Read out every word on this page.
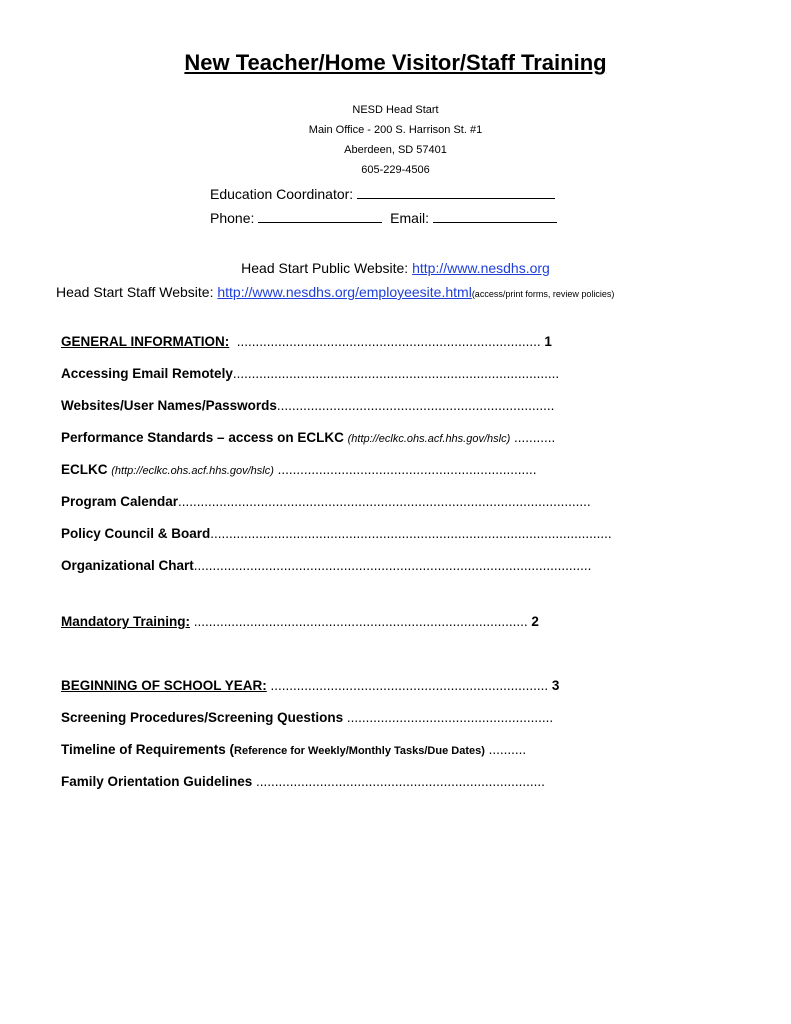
New Teacher/Home Visitor/Staff Training
NESD Head Start
Main Office - 200 S. Harrison St. #1
Aberdeen, SD 57401
605-229-4506
Education Coordinator:
Phone:	Email:
Head Start Public Website: http://www.nesdhs.org
Head Start Staff Website: http://www.nesdhs.org/employeesite.html(access/print forms, review policies)
GENERAL INFORMATION:  ................................................................................. 1
Accessing Email Remotely.......................................................................................
Websites/User Names/Passwords..........................................................................
Performance Standards – access on ECLKC (http://eclkc.ohs.acf.hhs.gov/hslc) ...........
ECLKC (http://eclkc.ohs.acf.hhs.gov/hslc) .....................................................................
Program Calendar..............................................................................................................
Policy Council & Board...........................................................................................................
Organizational Chart..........................................................................................................
Mandatory Training: ......................................................................................... 2
BEGINNING OF SCHOOL YEAR: .......................................................................... 3
Screening Procedures/Screening Questions .......................................................
Timeline of Requirements (Reference for Weekly/Monthly Tasks/Due Dates) ..........
Family Orientation Guidelines .............................................................................
